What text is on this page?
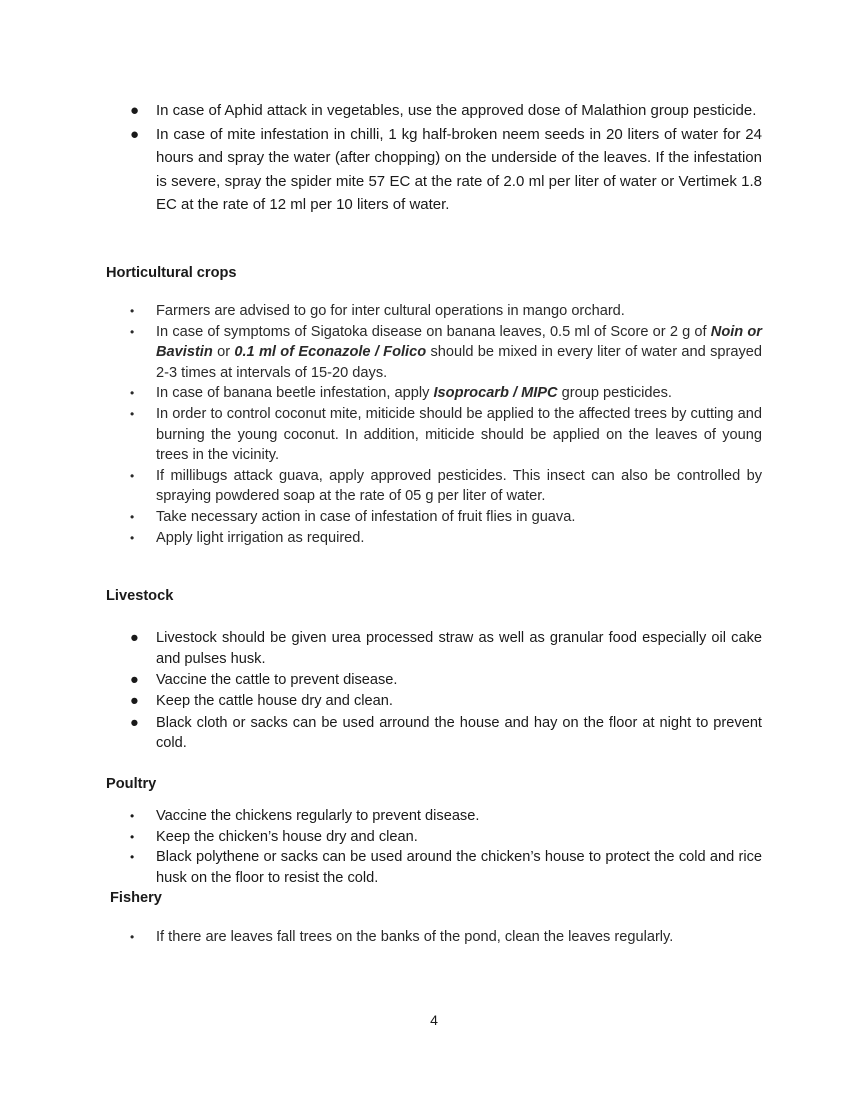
● In case of Aphid attack in vegetables, use the approved dose of Malathion group pesticide.
● In case of mite infestation in chilli, 1 kg half-broken neem seeds in 20 liters of water for 24 hours and spray the water (after chopping) on the underside of the leaves. If the infestation is severe, spray the spider mite 57 EC at the rate of 2.0 ml per liter of water or Vertimek 1.8 EC at the rate of 12 ml per 10 liters of water.
Horticultural crops
• Farmers are advised to go for inter cultural operations in mango orchard.
• In case of symptoms of Sigatoka disease on banana leaves, 0.5 ml of Score or 2 g of Noin or Bavistin or 0.1 ml of Econazole / Folico should be mixed in every liter of water and sprayed 2-3 times at intervals of 15-20 days.
• In case of banana beetle infestation, apply Isoprocarb / MIPC group pesticides.
• In order to control coconut mite, miticide should be applied to the affected trees by cutting and burning the young coconut. In addition, miticide should be applied on the leaves of young trees in the vicinity.
• If millibugs attack guava, apply approved pesticides. This insect can also be controlled by spraying powdered soap at the rate of 05 g per liter of water.
• Take necessary action in case of infestation of fruit flies in guava.
• Apply light irrigation as required.
Livestock
● Livestock should be given urea processed straw as well as granular food especially oil cake and pulses husk.
● Vaccine the cattle to prevent disease.
● Keep the cattle house dry and clean.
● Black cloth or sacks can be used arround the house and hay on the floor at night to prevent cold.
Poultry
• Vaccine the chickens regularly to prevent disease.
• Keep the chicken’s house dry and clean.
• Black polythene or sacks can be used around the chicken’s house to protect the cold and rice husk on the floor to resist the cold.
Fishery
• If there are leaves fall trees on the banks of the pond, clean the leaves regularly.
4
